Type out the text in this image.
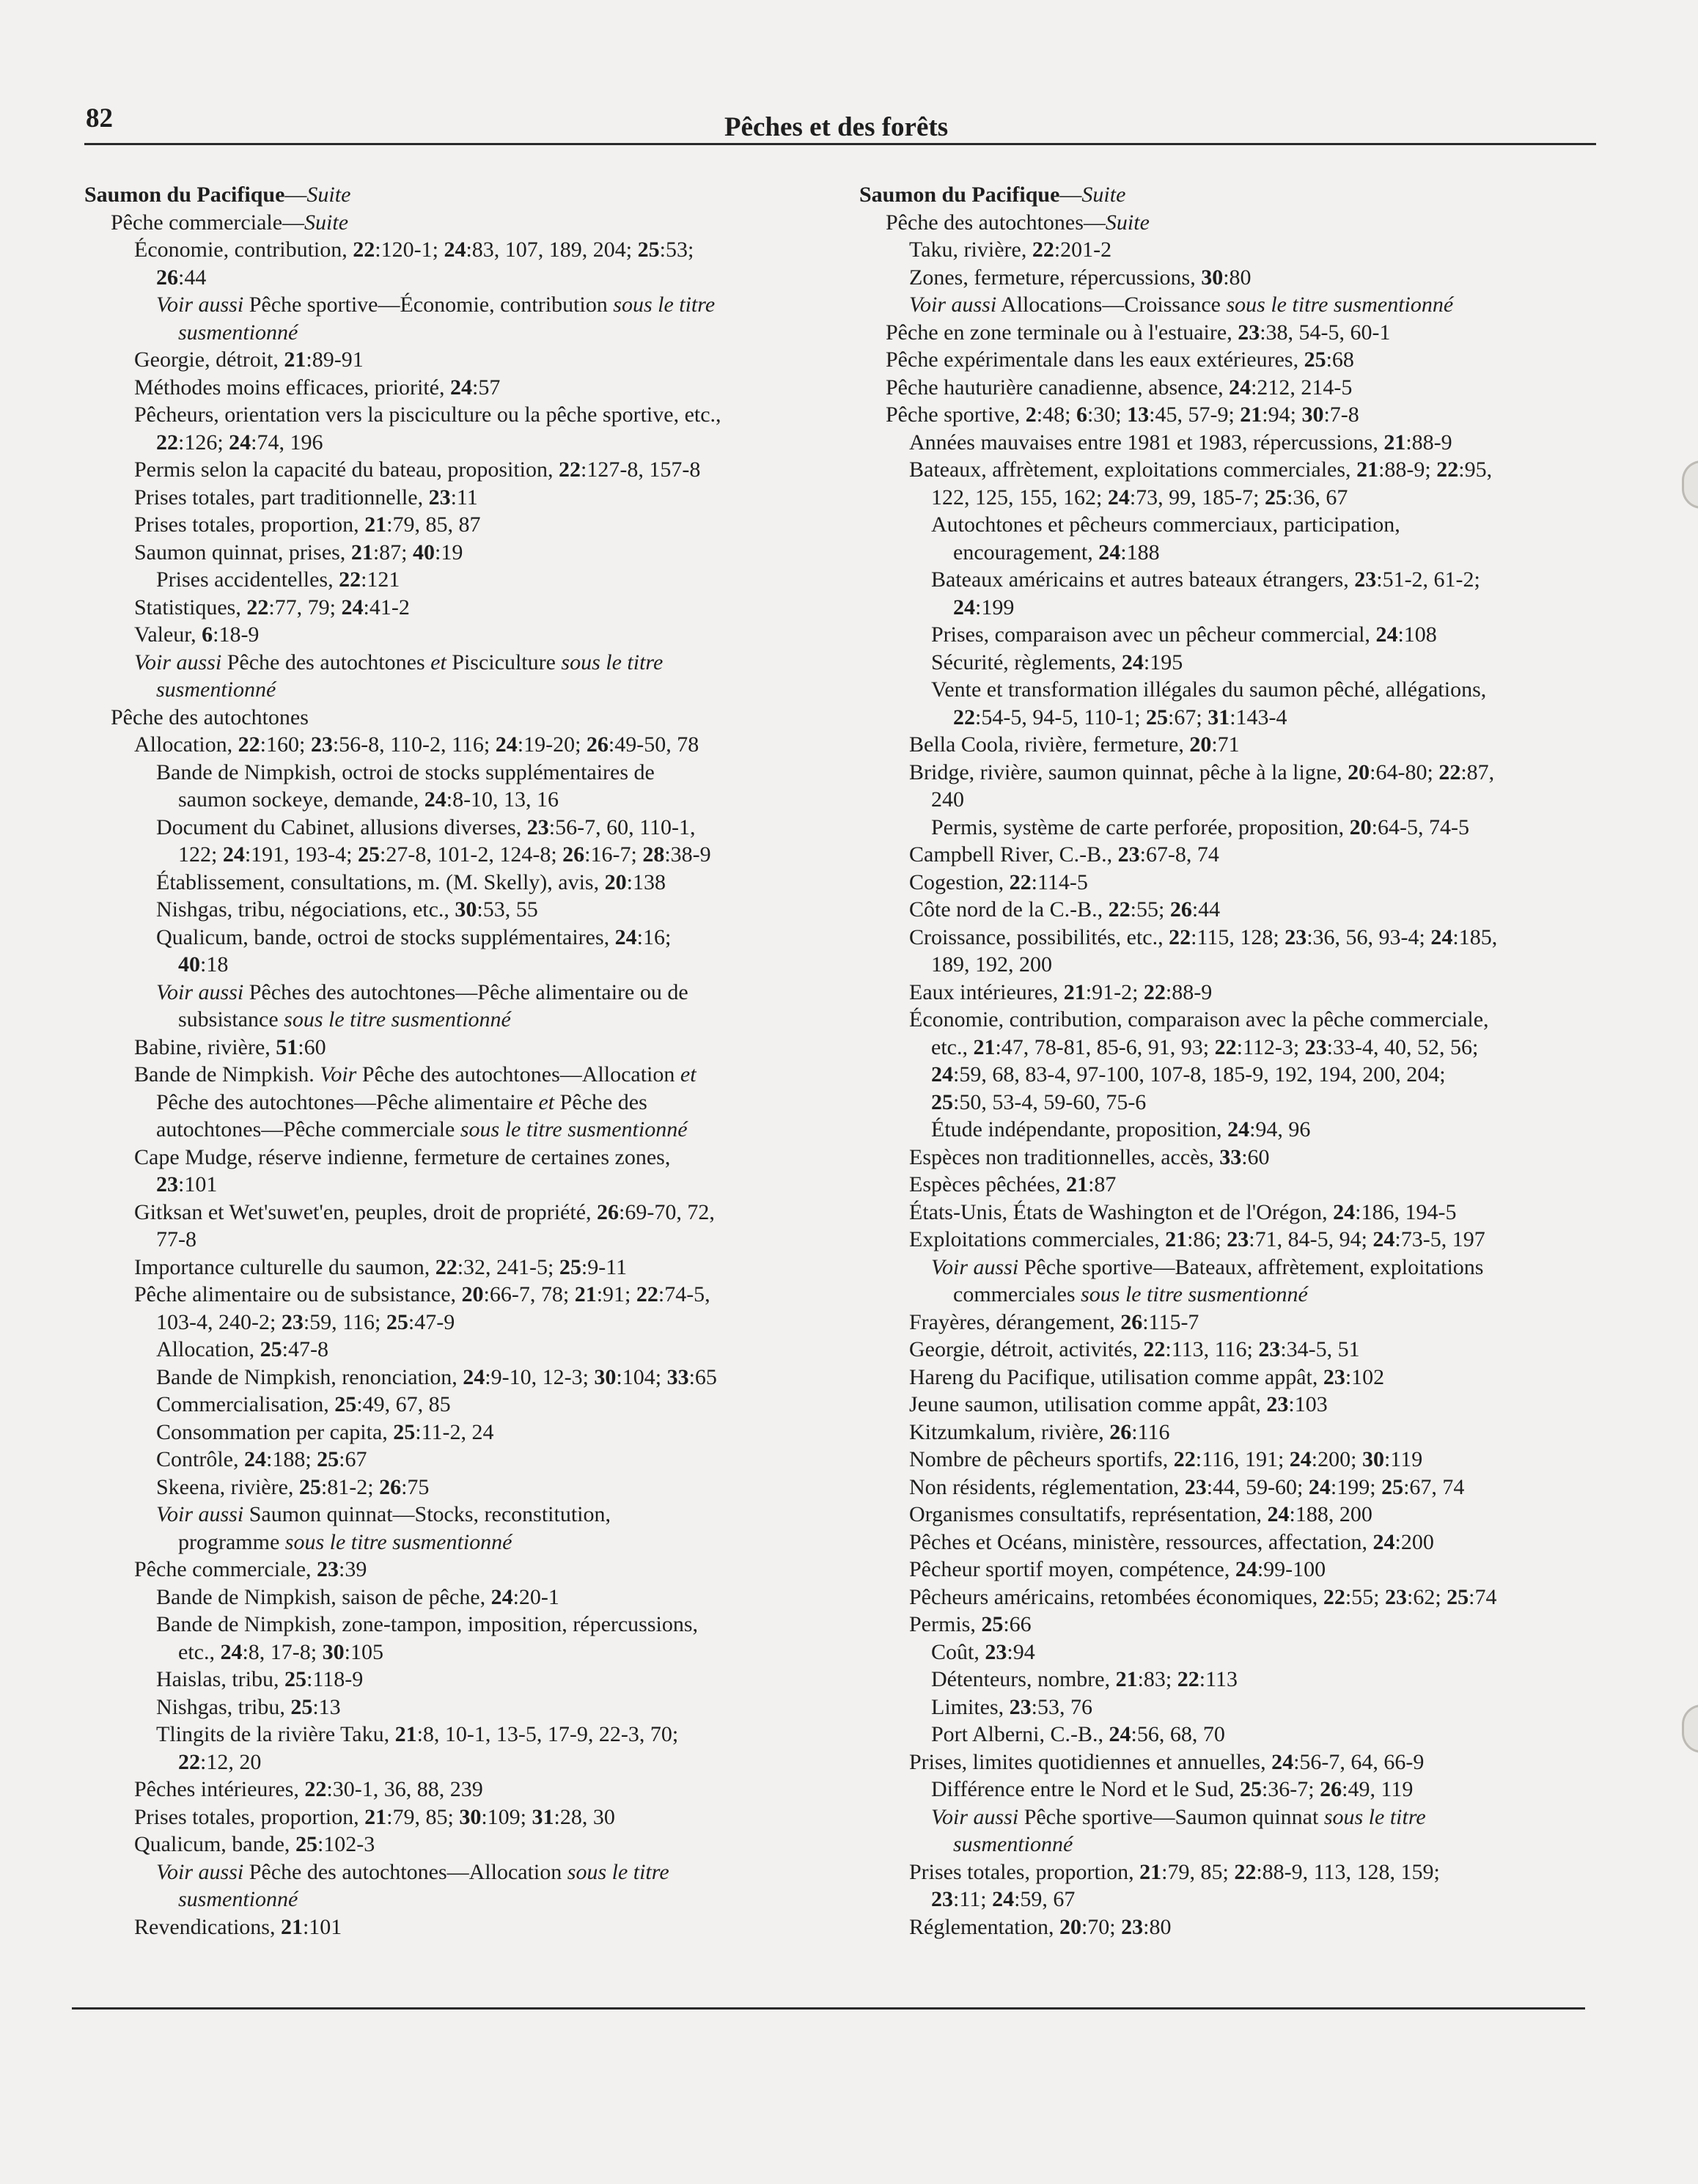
82	Pêches et des forêts
Saumon du Pacifique—Suite
Pêche commerciale—Suite
Économie, contribution, 22:120-1; 24:83, 107, 189, 204; 25:53;
26:44
Voir aussi Pêche sportive—Économie, contribution sous le titre
susmentionné
Georgie, détroit, 21:89-91
Méthodes moins efficaces, priorité, 24:57
Pêcheurs, orientation vers la pisciculture ou la pêche sportive, etc.,
22:126; 24:74, 196
Permis selon la capacité du bateau, proposition, 22:127-8, 157-8
Prises totales, part traditionnelle, 23:11
Prises totales, proportion, 21:79, 85, 87
Saumon quinnat, prises, 21:87; 40:19
Prises accidentelles, 22:121
Statistiques, 22:77, 79; 24:41-2
Valeur, 6:18-9
Voir aussi Pêche des autochtones et Pisciculture sous le titre
susmentionné
Pêche des autochtones
Allocation, 22:160; 23:56-8, 110-2, 116; 24:19-20; 26:49-50, 78
Bande de Nimpkish, octroi de stocks supplémentaires de
saumon sockeye, demande, 24:8-10, 13, 16
Document du Cabinet, allusions diverses, 23:56-7, 60, 110-1,
122; 24:191, 193-4; 25:27-8, 101-2, 124-8; 26:16-7; 28:38-9
Établissement, consultations, m. (M. Skelly), avis, 20:138
Nishgas, tribu, négociations, etc., 30:53, 55
Qualicum, bande, octroi de stocks supplémentaires, 24:16;
40:18
Voir aussi Pêches des autochtones—Pêche alimentaire ou de
subsistance sous le titre susmentionné
Babine, rivière, 51:60
Bande de Nimpkish. Voir Pêche des autochtones—Allocation et
Pêche des autochtones—Pêche alimentaire et Pêche des
autochtones—Pêche commerciale sous le titre susmentionné
Cape Mudge, réserve indienne, fermeture de certaines zones,
23:101
Gitksan et Wet'suwet'en, peuples, droit de propriété, 26:69-70, 72,
77-8
Importance culturelle du saumon, 22:32, 241-5; 25:9-11
Pêche alimentaire ou de subsistance, 20:66-7, 78; 21:91; 22:74-5,
103-4, 240-2; 23:59, 116; 25:47-9
Allocation, 25:47-8
Bande de Nimpkish, renonciation, 24:9-10, 12-3; 30:104; 33:65
Commercialisation, 25:49, 67, 85
Consommation per capita, 25:11-2, 24
Contrôle, 24:188; 25:67
Skeena, rivière, 25:81-2; 26:75
Voir aussi Saumon quinnat—Stocks, reconstitution,
programme sous le titre susmentionné
Pêche commerciale, 23:39
Bande de Nimpkish, saison de pêche, 24:20-1
Bande de Nimpkish, zone-tampon, imposition, répercussions,
etc., 24:8, 17-8; 30:105
Haislas, tribu, 25:118-9
Nishgas, tribu, 25:13
Tlingits de la rivière Taku, 21:8, 10-1, 13-5, 17-9, 22-3, 70;
22:12, 20
Pêches intérieures, 22:30-1, 36, 88, 239
Prises totales, proportion, 21:79, 85; 30:109; 31:28, 30
Qualicum, bande, 25:102-3
Voir aussi Pêche des autochtones—Allocation sous le titre
susmentionné
Revendications, 21:101
Saumon du Pacifique—Suite
Pêche des autochtones—Suite
Taku, rivière, 22:201-2
Zones, fermeture, répercussions, 30:80
Voir aussi Allocations—Croissance sous le titre susmentionné
Pêche en zone terminale ou à l'estuaire, 23:38, 54-5, 60-1
Pêche expérimentale dans les eaux extérieures, 25:68
Pêche hauturière canadienne, absence, 24:212, 214-5
Pêche sportive, 2:48; 6:30; 13:45, 57-9; 21:94; 30:7-8
Années mauvaises entre 1981 et 1983, répercussions, 21:88-9
Bateaux, affrètement, exploitations commerciales, 21:88-9; 22:95,
122, 125, 155, 162; 24:73, 99, 185-7; 25:36, 67
Autochtones et pêcheurs commerciaux, participation,
encouragement, 24:188
Bateaux américains et autres bateaux étrangers, 23:51-2, 61-2;
24:199
Prises, comparaison avec un pêcheur commercial, 24:108
Sécurité, règlements, 24:195
Vente et transformation illégales du saumon pêché, allégations,
22:54-5, 94-5, 110-1; 25:67; 31:143-4
Bella Coola, rivière, fermeture, 20:71
Bridge, rivière, saumon quinnat, pêche à la ligne, 20:64-80; 22:87,
240
Permis, système de carte perforée, proposition, 20:64-5, 74-5
Campbell River, C.-B., 23:67-8, 74
Cogestion, 22:114-5
Côte nord de la C.-B., 22:55; 26:44
Croissance, possibilités, etc., 22:115, 128; 23:36, 56, 93-4; 24:185,
189, 192, 200
Eaux intérieures, 21:91-2; 22:88-9
Économie, contribution, comparaison avec la pêche commerciale,
etc., 21:47, 78-81, 85-6, 91, 93; 22:112-3; 23:33-4, 40, 52, 56;
24:59, 68, 83-4, 97-100, 107-8, 185-9, 192, 194, 200, 204;
25:50, 53-4, 59-60, 75-6
Étude indépendante, proposition, 24:94, 96
Espèces non traditionnelles, accès, 33:60
Espèces pêchées, 21:87
États-Unis, États de Washington et de l'Orégon, 24:186, 194-5
Exploitations commerciales, 21:86; 23:71, 84-5, 94; 24:73-5, 197
Voir aussi Pêche sportive—Bateaux, affrètement, exploitations
commerciales sous le titre susmentionné
Frayères, dérangement, 26:115-7
Georgie, détroit, activités, 22:113, 116; 23:34-5, 51
Hareng du Pacifique, utilisation comme appât, 23:102
Jeune saumon, utilisation comme appât, 23:103
Kitzumkalum, rivière, 26:116
Nombre de pêcheurs sportifs, 22:116, 191; 24:200; 30:119
Non résidents, réglementation, 23:44, 59-60; 24:199; 25:67, 74
Organismes consultatifs, représentation, 24:188, 200
Pêches et Océans, ministère, ressources, affectation, 24:200
Pêcheur sportif moyen, compétence, 24:99-100
Pêcheurs américains, retombées économiques, 22:55; 23:62; 25:74
Permis, 25:66
Coût, 23:94
Détenteurs, nombre, 21:83; 22:113
Limites, 23:53, 76
Port Alberni, C.-B., 24:56, 68, 70
Prises, limites quotidiennes et annuelles, 24:56-7, 64, 66-9
Différence entre le Nord et le Sud, 25:36-7; 26:49, 119
Voir aussi Pêche sportive—Saumon quinnat sous le titre
susmentionné
Prises totales, proportion, 21:79, 85; 22:88-9, 113, 128, 159;
23:11; 24:59, 67
Réglementation, 20:70; 23:80
